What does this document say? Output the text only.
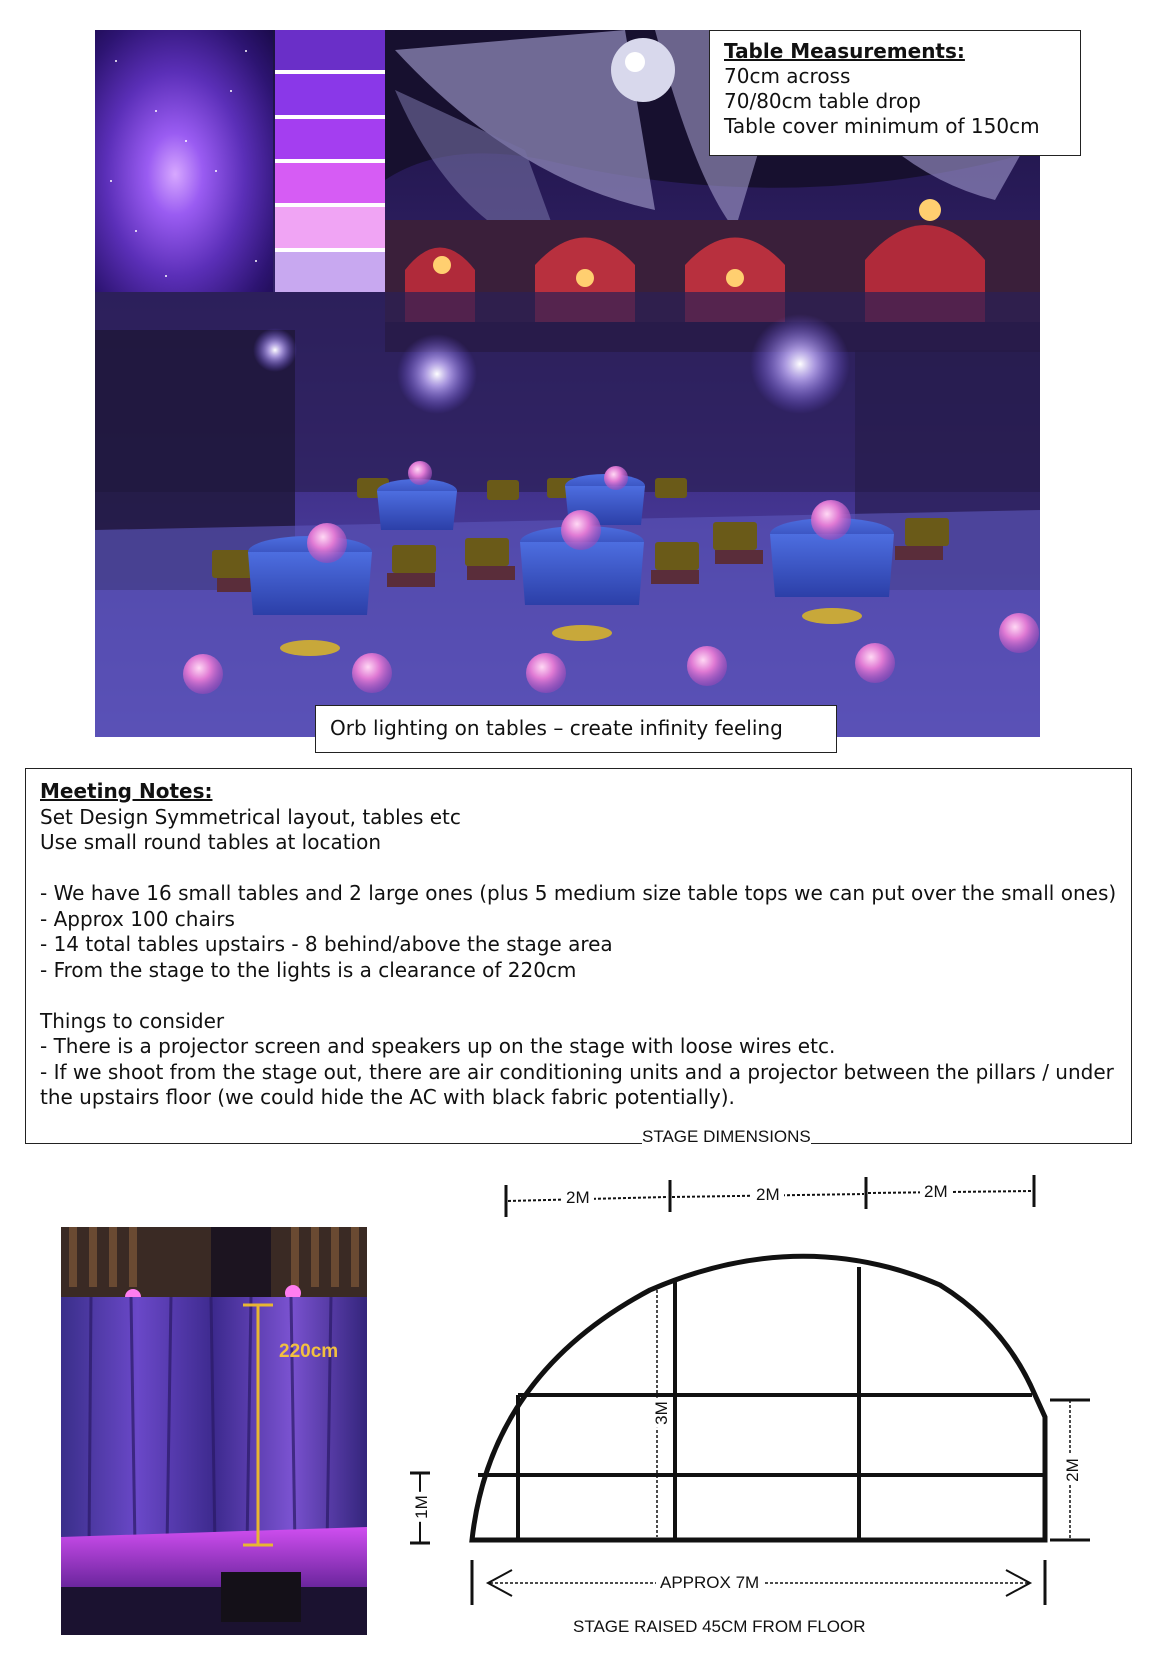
Table Measurements:
70cm across
70/80cm table drop
Table cover minimum of 150cm
Orb lighting on tables – create infinity feeling
Meeting Notes:
Set Design Symmetrical layout, tables etc
Use small round tables at location
- We have 16 small tables and 2 large ones (plus 5 medium size table tops we can put over the small ones)
- Approx 100 chairs
- 14 total tables upstairs - 8 behind/above the stage area
- From the stage to the lights is a clearance of 220cm
Things to consider
- There is a projector screen and speakers up on the stage with loose wires etc.
- If we shoot from the stage out, there are air conditioning units and a projector between the pillars / under the upstairs floor (we could hide the AC with black fabric potentially).
220cm
STAGE DIMENSIONS
2M	2M	2M
3M
1M
2M
APPROX 7M
STAGE RAISED 45CM FROM FLOOR
